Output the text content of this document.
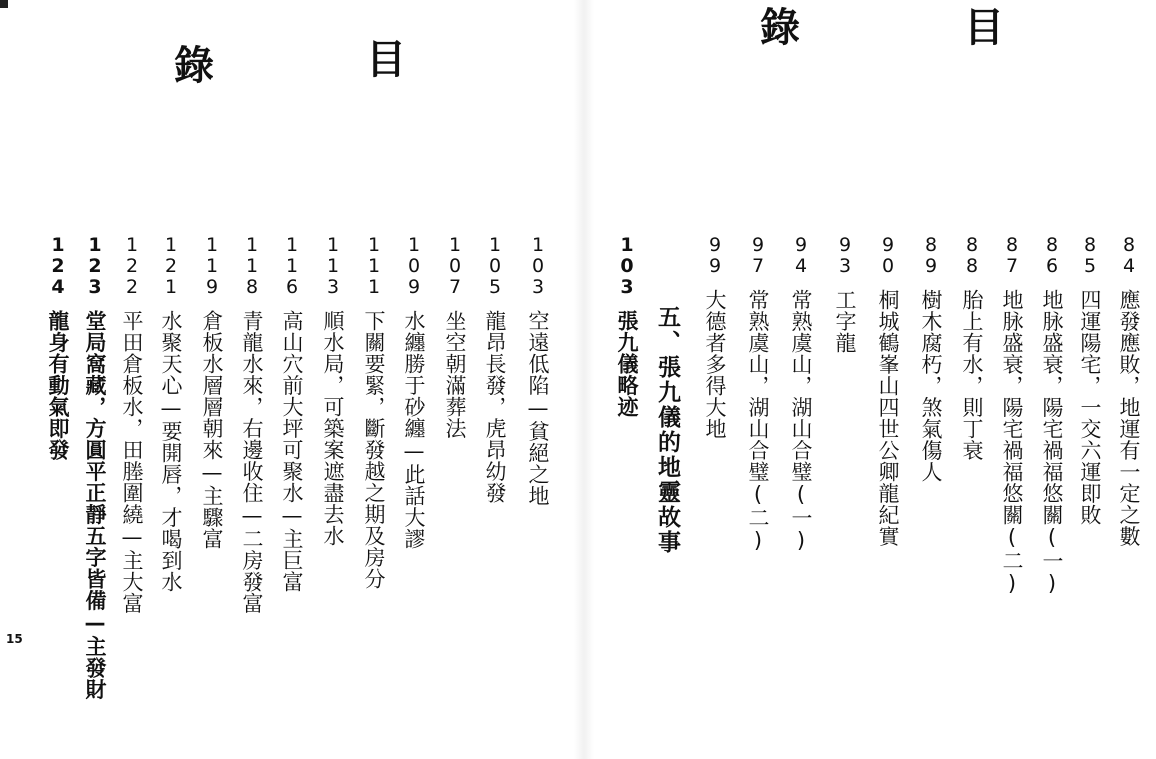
錄	目
1
2
4
龍身有動氣即發
1
2
3
堂局窩藏，方圓平正靜五字皆備—主發財
1
2
2
平田倉板水，田塍圍繞—主大富
1
2
1
水聚天心—要開唇，才喝到水
1
1
9
倉板水層層朝來—主驟富
1
1
8
青龍水來，右邊收住—二房發富
1
1
6
高山穴前大坪可聚水—主巨富
1
1
3
順水局，可築案遮盡去水
1
1
1
下關要緊，斷發越之期及房分
1
0
9
水纏勝于砂纏—此話大謬
1
0
7
坐空朝滿葬法
1
0
5
龍昂長發，虎昂幼發
1
0
3
空遠低陷—貧絕之地
15
錄	目
1
0
3
張九儀略迹
9
9
大德者多得大地
9
7
常熟虞山，湖山合璧(二)
9
4
常熟虞山，湖山合璧(一)
9
3
工字龍
9
0
桐城鶴峯山四世公卿龍紀實
8
9
樹木腐朽，煞氣傷人
8
8
胎上有水，則丁衰
8
7
地脉盛衰，陽宅禍福悠關(二)
8
6
地脉盛衰，陽宅禍福悠關(一)
8
5
四運陽宅，一交六運即敗
8
4
應發應敗，地運有一定之數
五、張九儀的地靈故事
